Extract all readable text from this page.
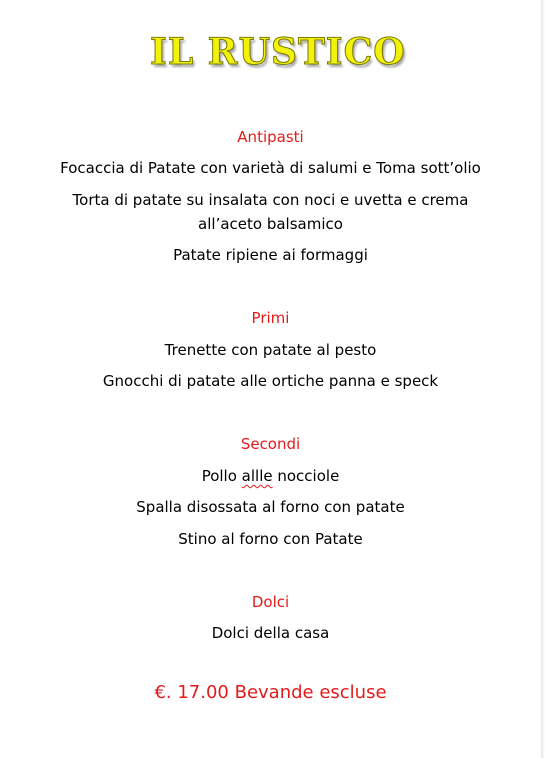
IL RUSTICO
Antipasti
Focaccia di Patate con varietà di salumi e Toma sott’olio
Torta di patate su insalata con noci e uvetta e crema
all’aceto balsamico
Patate ripiene ai formaggi
Primi
Trenette con patate al pesto
Gnocchi di patate alle ortiche panna e speck
Secondi
Pollo allle nocciole
Spalla disossata al forno con patate
Stino al forno con Patate
Dolci
Dolci della casa
€. 17.00 Bevande escluse
